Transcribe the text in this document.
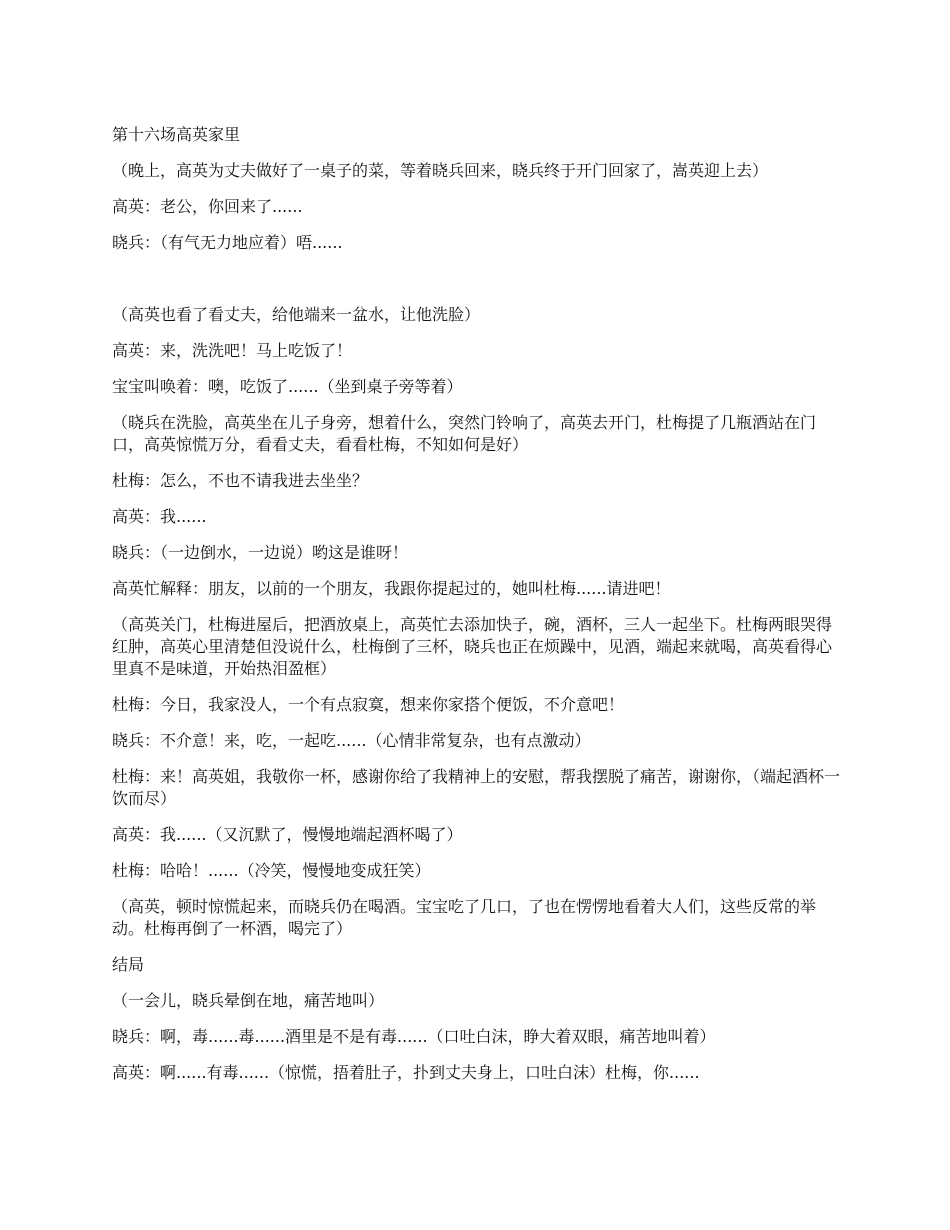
第十六场高英家里

（晚上，高英为丈夫做好了一桌子的菜，等着晓兵回来，晓兵终于开门回家了，嵩英迎上去）

高英：老公，你回来了......

晓兵：（有气无力地应着）唔......

（高英也看了看丈夫，给他端来一盆水，让他洗脸）

高英：来，洗洗吧！马上吃饭了！

宝宝叫唤着：噢，吃饭了......（坐到桌子旁等着）

（晓兵在洗脸，高英坐在儿子身旁，想着什么，突然门铃响了，高英去开门，杜梅提了几瓶酒站在门口，高英惊慌万分，看看丈夫，看看杜梅，不知如何是好）

杜梅：怎么，不也不请我进去坐坐？

高英：我......

晓兵：（一边倒水，一边说）哟这是谁呀！

高英忙解释：朋友，以前的一个朋友，我跟你提起过的，她叫杜梅......请进吧！

（高英关门，杜梅进屋后，把酒放桌上，高英忙去添加快子，碗，酒杯，三人一起坐下。杜梅两眼哭得红肿，高英心里清楚但没说什么，杜梅倒了三杯，晓兵也正在烦躁中，见酒，端起来就喝，高英看得心里真不是味道，开始热泪盈框）

杜梅：今日，我家没人，一个有点寂寞，想来你家搭个便饭，不介意吧！

晓兵：不介意！来，吃，一起吃......（心情非常复杂，也有点激动）

杜梅：来！高英姐，我敬你一杯，感谢你给了我精神上的安慰，帮我摆脱了痛苦，谢谢你，（端起酒杯一饮而尽）

高英：我......（又沉默了，慢慢地端起酒杯喝了）

杜梅：哈哈！......（冷笑，慢慢地变成狂笑）

（高英，顿时惊慌起来，而晓兵仍在喝酒。宝宝吃了几口，了也在愣愣地看着大人们，这些反常的举动。杜梅再倒了一杯酒，喝完了）

结局

（一会儿，晓兵晕倒在地，痛苦地叫）

晓兵：啊，毒......毒......酒里是不是有毒......（口吐白沫，睁大着双眼，痛苦地叫着）

高英：啊......有毒......（惊慌，捂着肚子，扑到丈夫身上，口吐白沫）杜梅，你......
